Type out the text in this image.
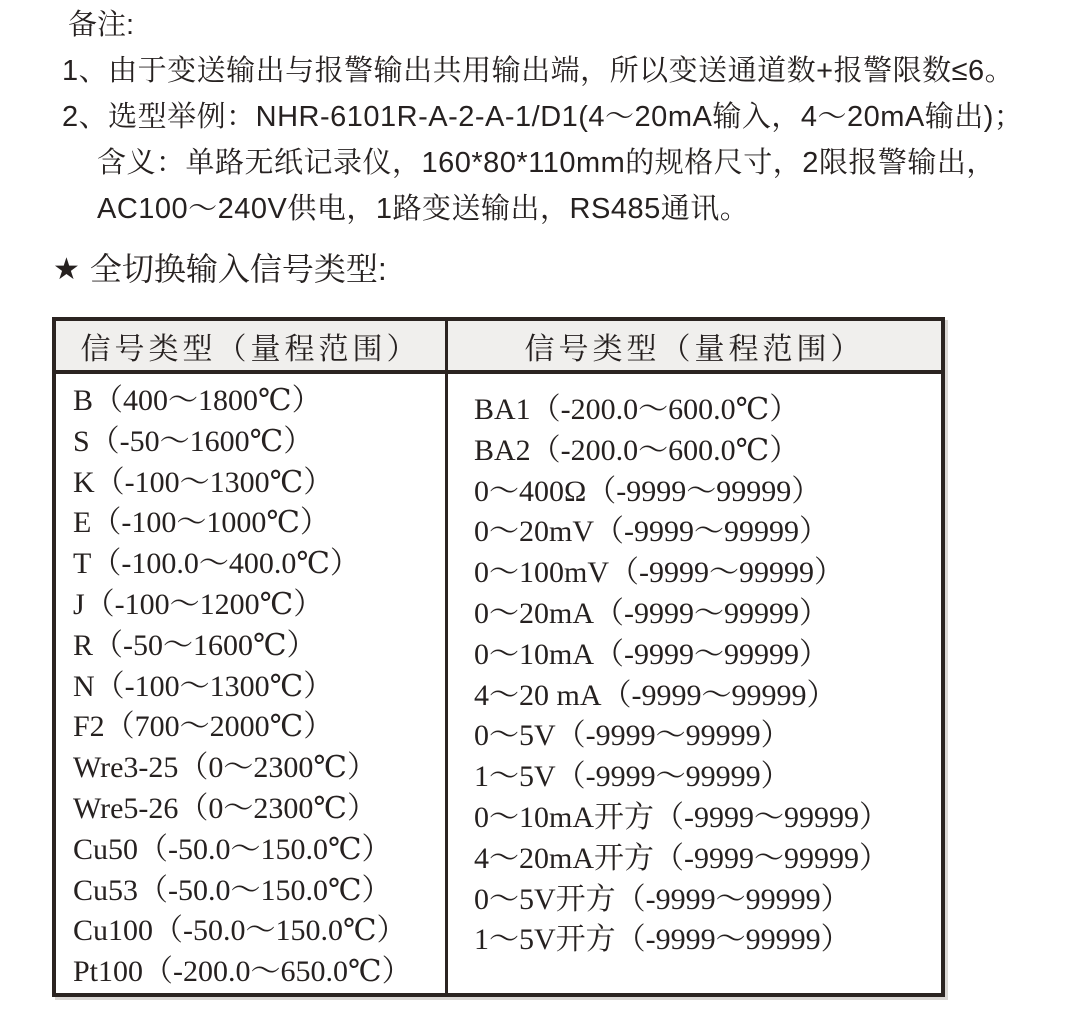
备注:
1、由于变送输出与报警输出共用输出端，所以变送通道数+报警限数≤6。
2、选型举例：NHR-6101R-A-2-A-1/D1(4～20mA输入，4～20mA输出)；
含义：单路无纸记录仪，160*80*110mm的规格尺寸，2限报警输出，
AC100～240V供电，1路变送输出，RS485通讯。
★ 全切换输入信号类型:
信号类型（量程范围）	信号类型（量程范围）
B（400～1800℃）
S（-50～1600℃）
K（-100～1300℃）
E（-100～1000℃）
T（-100.0～400.0℃）
J（-100～1200℃）
R（-50～1600℃）
N（-100～1300℃）
F2（700～2000℃）
Wre3-25（0～2300℃）
Wre5-26（0～2300℃）
Cu50（-50.0～150.0℃）
Cu53（-50.0～150.0℃）
Cu100（-50.0～150.0℃）
Pt100（-200.0～650.0℃）
BA1（-200.0～600.0℃）
BA2（-200.0～600.0℃）
0～400Ω（-9999～99999）
0～20mV（-9999～99999）
0～100mV（-9999～99999）
0～20mA（-9999～99999）
0～10mA（-9999～99999）
4～20 mA（-9999～99999）
0～5V（-9999～99999）
1～5V（-9999～99999）
0～10mA开方（-9999～99999）
4～20mA开方（-9999～99999）
0～5V开方（-9999～99999）
1～5V开方（-9999～99999）
